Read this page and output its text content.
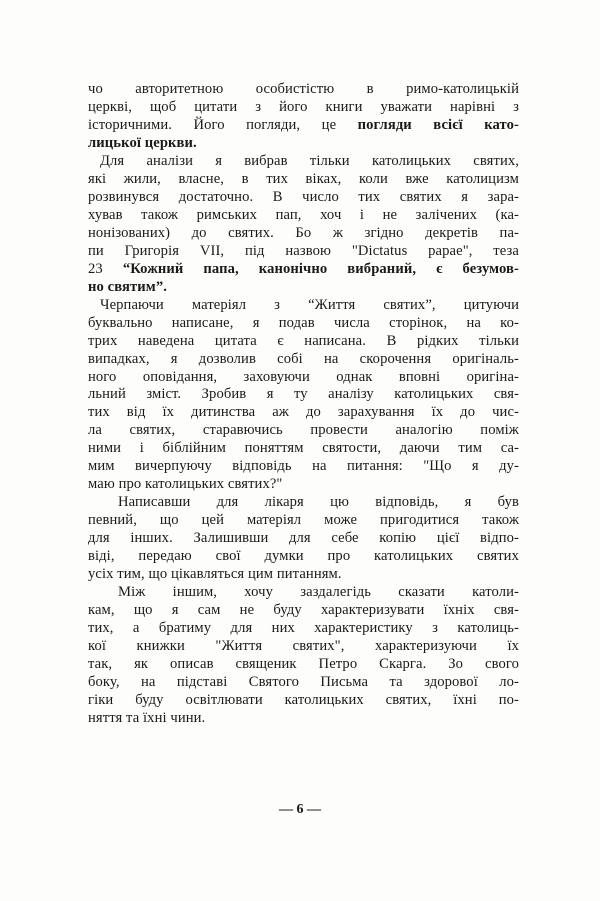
чо авторитетною особистістю в римо-католицькій
церкві, щоб цитати з його книги уважати нарівні з
історичними. Його погляди, це погляди всієї като-
лицької церкви.
Для аналізи я вибрав тільки католицьких святих,
які жили, власне, в тих віках, коли вже католицизм
розвинувся достаточно. В число тих святих я зара-
хував також римських пап, хоч і не залічених (ка-
нонізованих) до святих. Бо ж згідно декретів па-
пи Григорія VII, під назвою "Dictatus papae", теза
23 “Кожний папа, канонічно вибраний, є безумов-
но святим”.
Черпаючи матеріял з “Життя святих”, цитуючи
буквально написане, я подав числа сторінок, на ко-
трих наведена цитата є написана. В рідких тільки
випадках, я дозволив собі на скорочення оригіналь-
ного оповідання, заховуючи однак вповні оригіна-
льний зміст. Зробив я ту аналізу католицьких свя-
тих від їх дитинства аж до зарахування їх до чис-
ла святих, старавючись провести аналогію поміж
ними і біблійним поняттям святости, даючи тим са-
мим вичерпуючу відповідь на питання: "Що я ду-
маю про католицьких святих?"
Написавши для лікаря цю відповідь, я був
певний, що цей матеріял може пригодитися також
для інших. Залишивши для себе копію цієї відпо-
віді, передаю свої думки про католицьких святих
усіх тим, що цікавляться цим питанням.
Між іншим, хочу заздалегідь сказати католи-
кам, що я сам не буду характеризувати їхніх свя-
тих, а братиму для них характеристику з католиць-
кої книжки "Життя святих", характеризуючи їх
так, як описав священик Петро Скарга. Зо свого
боку, на підставі Святого Письма та здорової ло-
гіки буду освітлювати католицьких святих, їхні по-
няття та їхні чини.
— 6 —
